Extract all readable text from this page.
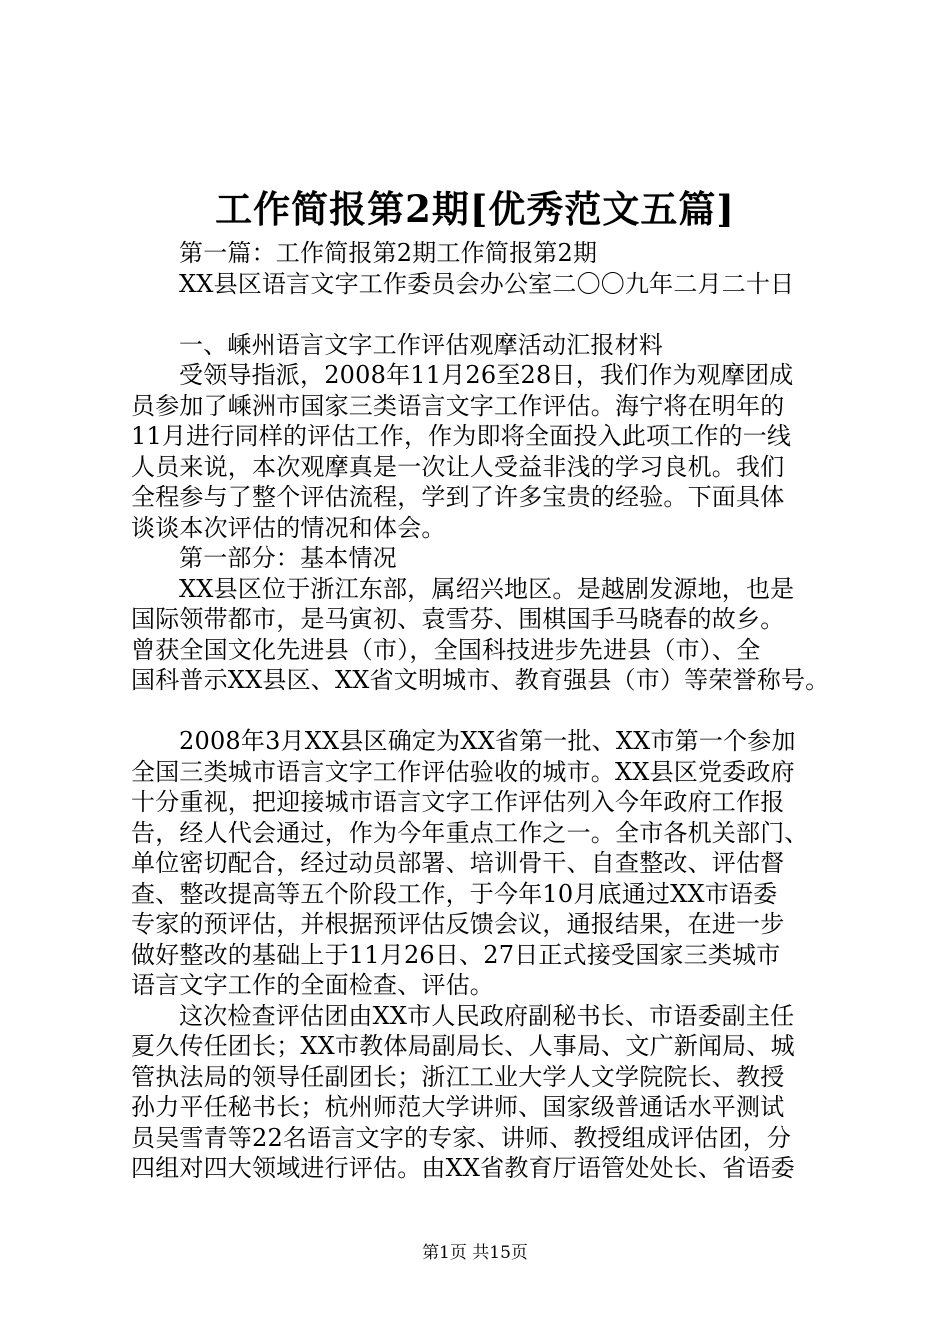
工作简报第2期[优秀范文五篇]

第一篇：工作简报第2期工作简报第2期

XX县区语言文字工作委员会办公室二〇〇九年二月二十日

一、嵊州语言文字工作评估观摩活动汇报材料

受领导指派，2008年11月26至28日，我们作为观摩团成

员参加了嵊洲市国家三类语言文字工作评估。海宁将在明年的

11月进行同样的评估工作，作为即将全面投入此项工作的一线

人员来说，本次观摩真是一次让人受益非浅的学习良机。我们

全程参与了整个评估流程，学到了许多宝贵的经验。下面具体

谈谈本次评估的情况和体会。

第一部分：基本情况

XX县区位于浙江东部，属绍兴地区。是越剧发源地，也是

国际领带都市，是马寅初、袁雪芬、围棋国手马晓春的故乡。

曾获全国文化先进县（市），全国科技进步先进县（市）、全

国科普示XX县区、XX省文明城市、教育强县（市）等荣誉称号。

2008年3月XX县区确定为XX省第一批、XX市第一个参加

全国三类城市语言文字工作评估验收的城市。XX县区党委政府

十分重视，把迎接城市语言文字工作评估列入今年政府工作报

告，经人代会通过，作为今年重点工作之一。全市各机关部门、

单位密切配合，经过动员部署、培训骨干、自查整改、评估督

查、整改提高等五个阶段工作，于今年10月底通过XX市语委

专家的预评估，并根据预评估反馈会议，通报结果，在进一步

做好整改的基础上于11月26日、27日正式接受国家三类城市

语言文字工作的全面检查、评估。

这次检查评估团由XX市人民政府副秘书长、市语委副主任

夏久传任团长；XX市教体局副局长、人事局、文广新闻局、城

管执法局的领导任副团长；浙江工业大学人文学院院长、教授

孙力平任秘书长；杭州师范大学讲师、国家级普通话水平测试

员吴雪青等22名语言文字的专家、讲师、教授组成评估团，分

四组对四大领域进行评估。由XX省教育厅语管处处长、省语委

第1页 共15页
